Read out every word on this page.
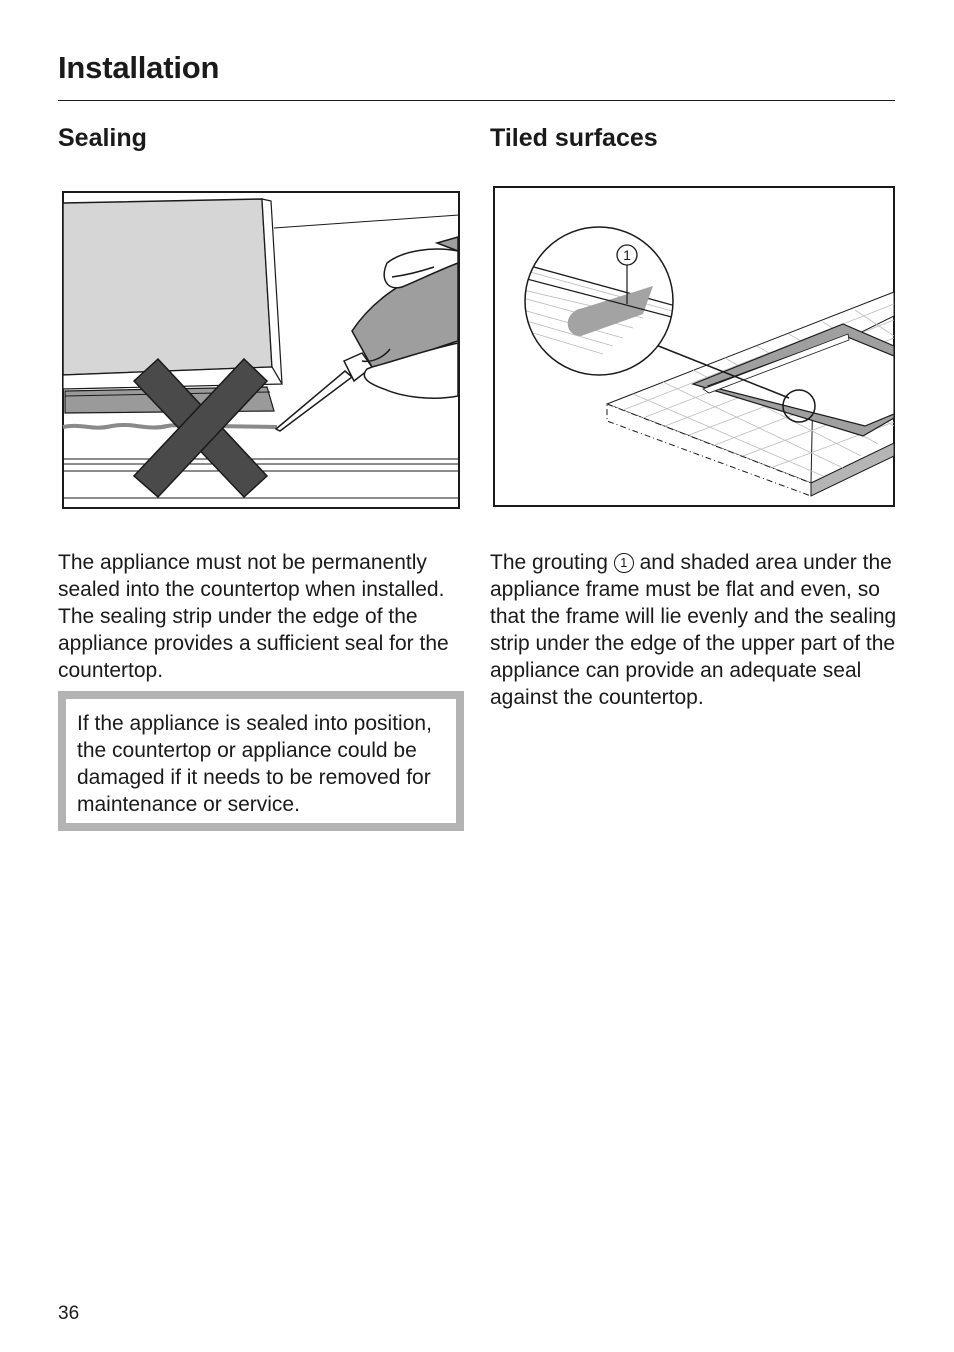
Installation
Sealing	Tiled surfaces
1

The appliance must not be permanently sealed into the countertop when installed. The sealing strip under the edge of the appliance provides a sufficient seal for the countertop.

If the appliance is sealed into position, the countertop or appliance could be damaged if it needs to be removed for maintenance or service.

The grouting 1 and shaded area under the appliance frame must be flat and even, so that the frame will lie evenly and the sealing strip under the edge of the upper part of the appliance can provide an adequate seal against the countertop.

36
